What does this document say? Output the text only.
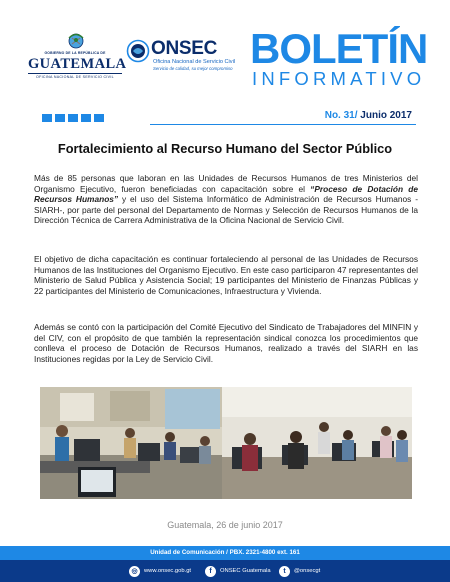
GOBIERNO DE LA REPÚBLICA DE
GUATEMALA
OFICINA NACIONAL DE SERVICIO CIVIL
ONSEC
Oficina Nacional de Servicio Civil
Servicio de calidad, su mejor compromiso BOLETÍN
INFORMATIVO
No. 31/ Junio 2017
Fortalecimiento al Recurso Humano del Sector Público

Más de 85 personas que laboran en las Unidades de Recursos Humanos de tres Ministerios del Organismo Ejecutivo, fueron beneficiadas con capacitación sobre el “Proceso de Dotación de Recursos Humanos” y el uso del Sistema Informático de Administración de Recursos Humanos -SIARH-, por parte del personal del Departamento de Normas y Selección de Recursos Humanos de la Dirección Técnica de Carrera Administrativa de la Oficina Nacional de Servicio Civil.

El objetivo de dicha capacitación es continuar fortaleciendo al personal de las Unidades de Recursos Humanos de las Instituciones del Organismo Ejecutivo. En este caso participaron 47 representantes del Ministerio de Salud Pública y Asistencia Social; 19 participantes del Ministerio de Finanzas Públicas y 22 participantes del Ministerio de Comunicaciones, Infraestructura y Vivienda.

Además se contó con la participación del Comité Ejecutivo del Sindicato de Trabajadores del MINFIN y del CIV, con el propósito de que también la representación sindical conozca los procedimientos que conlleva el proceso de Dotación de Recursos Humanos, realizado a través del SIARH en las Instituciones regidas por la Ley de Servicio Civil.

Guatemala, 26 de junio 2017
Unidad de Comunicación / PBX. 2321-4800 ext. 161
◎	www.onsec.gob.gt	f	ONSEC Guatemala	t	@onsecgt
